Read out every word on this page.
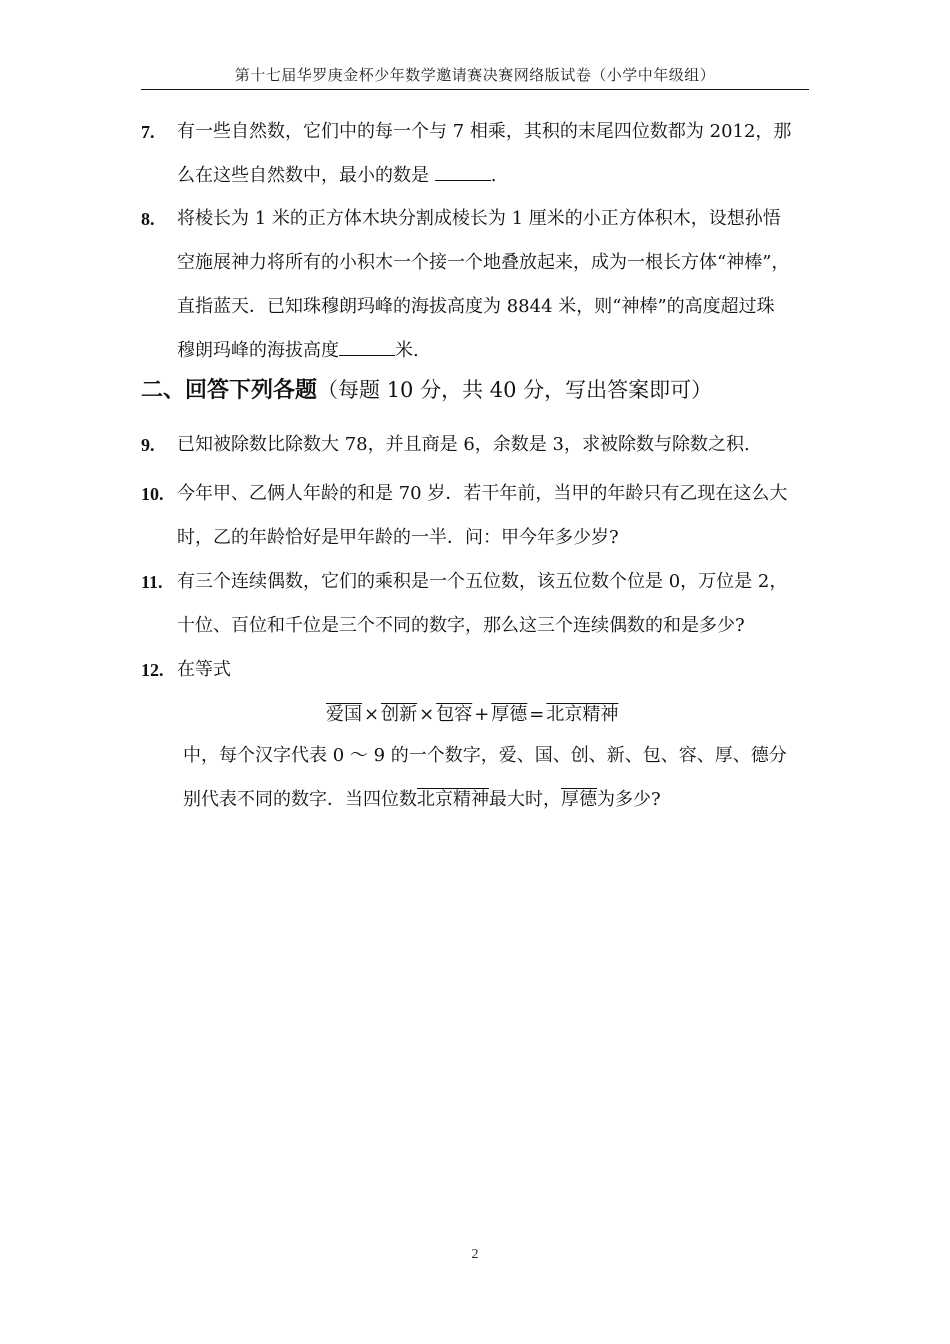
第十七届华罗庚金杯少年数学邀请赛决赛网络版试卷（小学中年级组）
7. 有一些自然数，它们中的每一个与 7 相乘，其积的末尾四位数都为 2012，那
么在这些自然数中，最小的数是	.
8. 将棱长为 1 米的正方体木块分割成棱长为 1 厘米的小正方体积木，设想孙悟
空施展神力将所有的小积木一个接一个地叠放起来，成为一根长方体“神棒”，
直指蓝天．已知珠穆朗玛峰的海拔高度为 8844 米，则“神棒”的高度超过珠
穆朗玛峰的海拔高度	米.
二、回答下列各题（每题 10 分，共 40 分，写出答案即可）
9. 已知被除数比除数大 78，并且商是 6，余数是 3，求被除数与除数之积.
10. 今年甲、乙俩人年龄的和是 70 岁．若干年前，当甲的年龄只有乙现在这么大
时，乙的年龄恰好是甲年龄的一半．问：甲今年多少岁?
11. 有三个连续偶数，它们的乘积是一个五位数，该五位数个位是 0，万位是 2，
十位、百位和千位是三个不同的数字，那么这三个连续偶数的和是多少?
12. 在等式
爱国 × 创新 × 包容 + 厚德 = 北京精神
中，每个汉字代表 0 ～ 9 的一个数字，爱、国、创、新、包、容、厚、德分
别代表不同的数字．当四位数北京精神最大时，厚德为多少?
2
